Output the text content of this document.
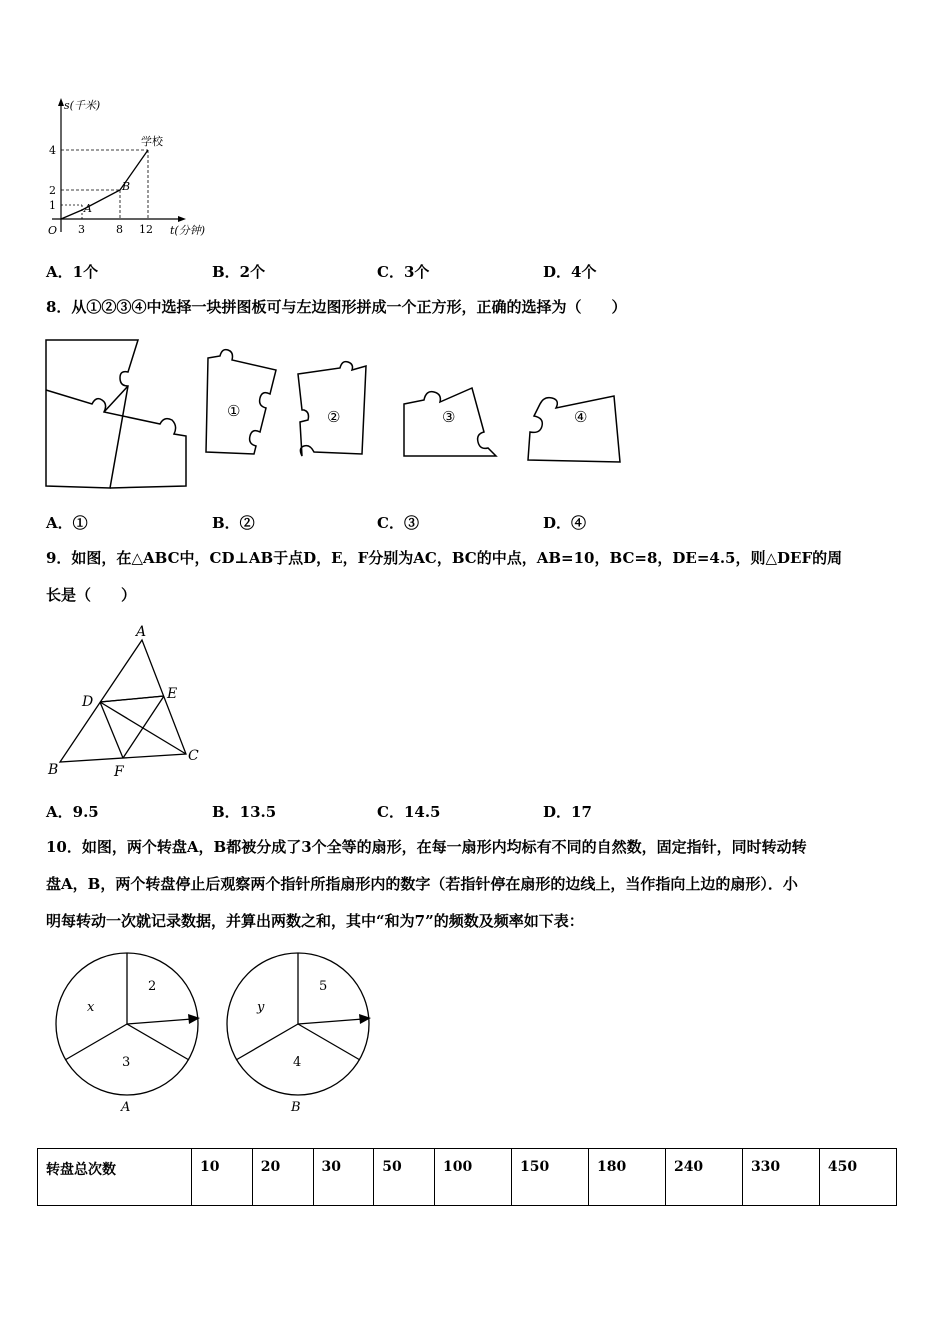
s(千米)
学校
4
2
1
O 3	8 12 t(分钟)
A
B
A．1个	B．2个	C．3个	D．4个
8．从①②③④中选择一块拼图板可与左边图形拼成一个正方形，正确的选择为（　　）
①	②	③	④
A．①	B．②	C．③	D．④
9．如图，在△ABC中，CD⊥AB于点D，E，F分别为AC，BC的中点，AB=10，BC=8，DE=4.5，则△DEF的周
长是（　　）
A
B
C
D	E
F
A．9.5	B．13.5	C．14.5	D．17
10．如图，两个转盘A，B都被分成了3个全等的扇形，在每一扇形内均标有不同的自然数，固定指针，同时转动转
盘A，B，两个转盘停止后观察两个指针所指扇形内的数字（若指针停在扇形的边线上，当作指向上边的扇形）．小
明每转动一次就记录数据，并算出两数之和，其中“和为7”的频数及频率如下表：
2
x
3
A
5
y
4
B
转盘总次数	10	20	30	50	100	150	180	240	330	450
